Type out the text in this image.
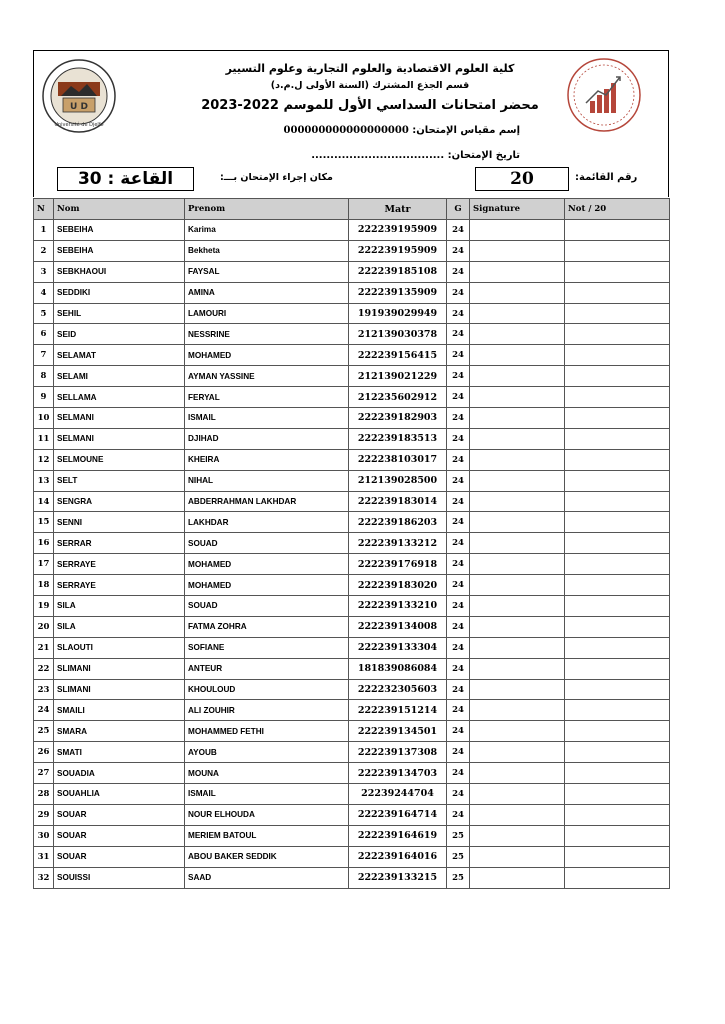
U D
Université de Djelfa
كلية العلوم الاقتصادية والعلوم التجارية وعلوم التسيير
قسم الجذع المشترك (السنة الأولى ل.م.د)
محضر امتحانات السداسي الأول للموسم 2022-2023
إسم مقياس الإمتحان: 000000000000000000
تاريخ الإمتحان: ...................................
القاعة : 30	مكان إجراء الإمتحان بـــ:	20	رقم القائمة:
N	Nom	Prenom	Matr	G	Signature	Not / 20
1	SEBEIHA	Karima	222239195909	24		
2	SEBEIHA	Bekheta	222239195909	24		
3	SEBKHAOUI	FAYSAL	222239185108	24		
4	SEDDIKI	AMINA	222239135909	24		
5	SEHIL	LAMOURI	191939029949	24		
6	SEID	NESSRINE	212139030378	24		
7	SELAMAT	MOHAMED	222239156415	24		
8	SELAMI	AYMAN YASSINE	212139021229	24		
9	SELLAMA	FERYAL	212235602912	24		
10	SELMANI	ISMAIL	222239182903	24		
11	SELMANI	DJIHAD	222239183513	24		
12	SELMOUNE	KHEIRA	222238103017	24		
13	SELT	NIHAL	212139028500	24		
14	SENGRA	ABDERRAHMAN LAKHDAR	222239183014	24		
15	SENNI	LAKHDAR	222239186203	24		
16	SERRAR	SOUAD	222239133212	24		
17	SERRAYE	MOHAMED	222239176918	24		
18	SERRAYE	MOHAMED	222239183020	24		
19	SILA	SOUAD	222239133210	24		
20	SILA	FATMA ZOHRA	222239134008	24		
21	SLAOUTI	SOFIANE	222239133304	24		
22	SLIMANI	ANTEUR	181839086084	24		
23	SLIMANI	KHOULOUD	222232305603	24		
24	SMAILI	ALI ZOUHIR	222239151214	24		
25	SMARA	MOHAMMED FETHI	222239134501	24		
26	SMATI	AYOUB	222239137308	24		
27	SOUADIA	MOUNA	222239134703	24		
28	SOUAHLIA	ISMAIL	22239244704	24		
29	SOUAR	NOUR ELHOUDA	222239164714	24		
30	SOUAR	MERIEM BATOUL	222239164619	25		
31	SOUAR	ABOU BAKER SEDDIK	222239164016	25		
32	SOUISSI	SAAD	222239133215	25		
